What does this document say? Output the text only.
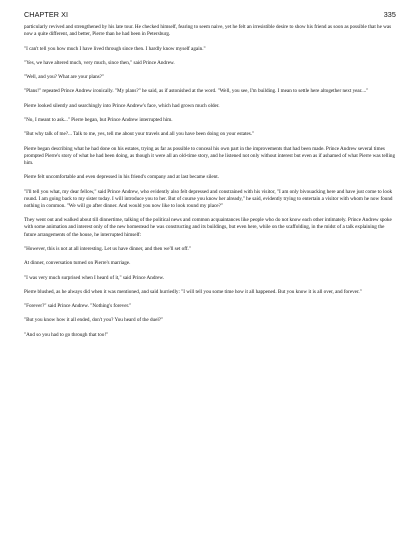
CHAPTER XI	335

particularly revived and strengthened by his late tour. He checked himself, fearing to seem naive, yet he felt an irresistible desire to show his friend as soon as possible that he was now a quite different, and better, Pierre than he had been in Petersburg.

"I can't tell you how much I have lived through since then. I hardly know myself again."

"Yes, we have altered much, very much, since then," said Prince Andrew.

"Well, and you? What are your plans?"

"Plans!" repeated Prince Andrew ironically. "My plans?" he said, as if astonished at the word. "Well, you see, I'm building. I mean to settle here altogether next year...."

Pierre looked silently and searchingly into Prince Andrew's face, which had grown much older.

"No, I meant to ask..." Pierre began, but Prince Andrew interrupted him.

"But why talk of me?... Talk to me, yes, tell me about your travels and all you have been doing on your estates."

Pierre began describing what he had done on his estates, trying as far as possible to conceal his own part in the improvements that had been made. Prince Andrew several times prompted Pierre's story of what he had been doing, as though it were all an old-time story, and he listened not only without interest but even as if ashamed of what Pierre was telling him.

Pierre felt uncomfortable and even depressed in his friend's company and at last became silent.

"I'll tell you what, my dear fellow," said Prince Andrew, who evidently also felt depressed and constrained with his visitor, "I am only bivouacking here and have just come to look round. I am going back to my sister today. I will introduce you to her. But of course you know her already," he said, evidently trying to entertain a visitor with whom he now found nothing in common. "We will go after dinner. And would you now like to look round my place?"

They went out and walked about till dinnertime, talking of the political news and common acquaintances like people who do not know each other intimately. Prince Andrew spoke with some animation and interest only of the new homestead he was constructing and its buildings, but even here, while on the scaffolding, in the midst of a talk explaining the future arrangements of the house, he interrupted himself:

"However, this is not at all interesting. Let us have dinner, and then we'll set off."

At dinner, conversation turned on Pierre's marriage.

"I was very much surprised when I heard of it," said Prince Andrew.

Pierre blushed, as he always did when it was mentioned, and said hurriedly: "I will tell you some time how it all happened. But you know it is all over, and forever."

"Forever?" said Prince Andrew. "Nothing's forever."

"But you know how it all ended, don't you? You heard of the duel?"

"And so you had to go through that too!"
